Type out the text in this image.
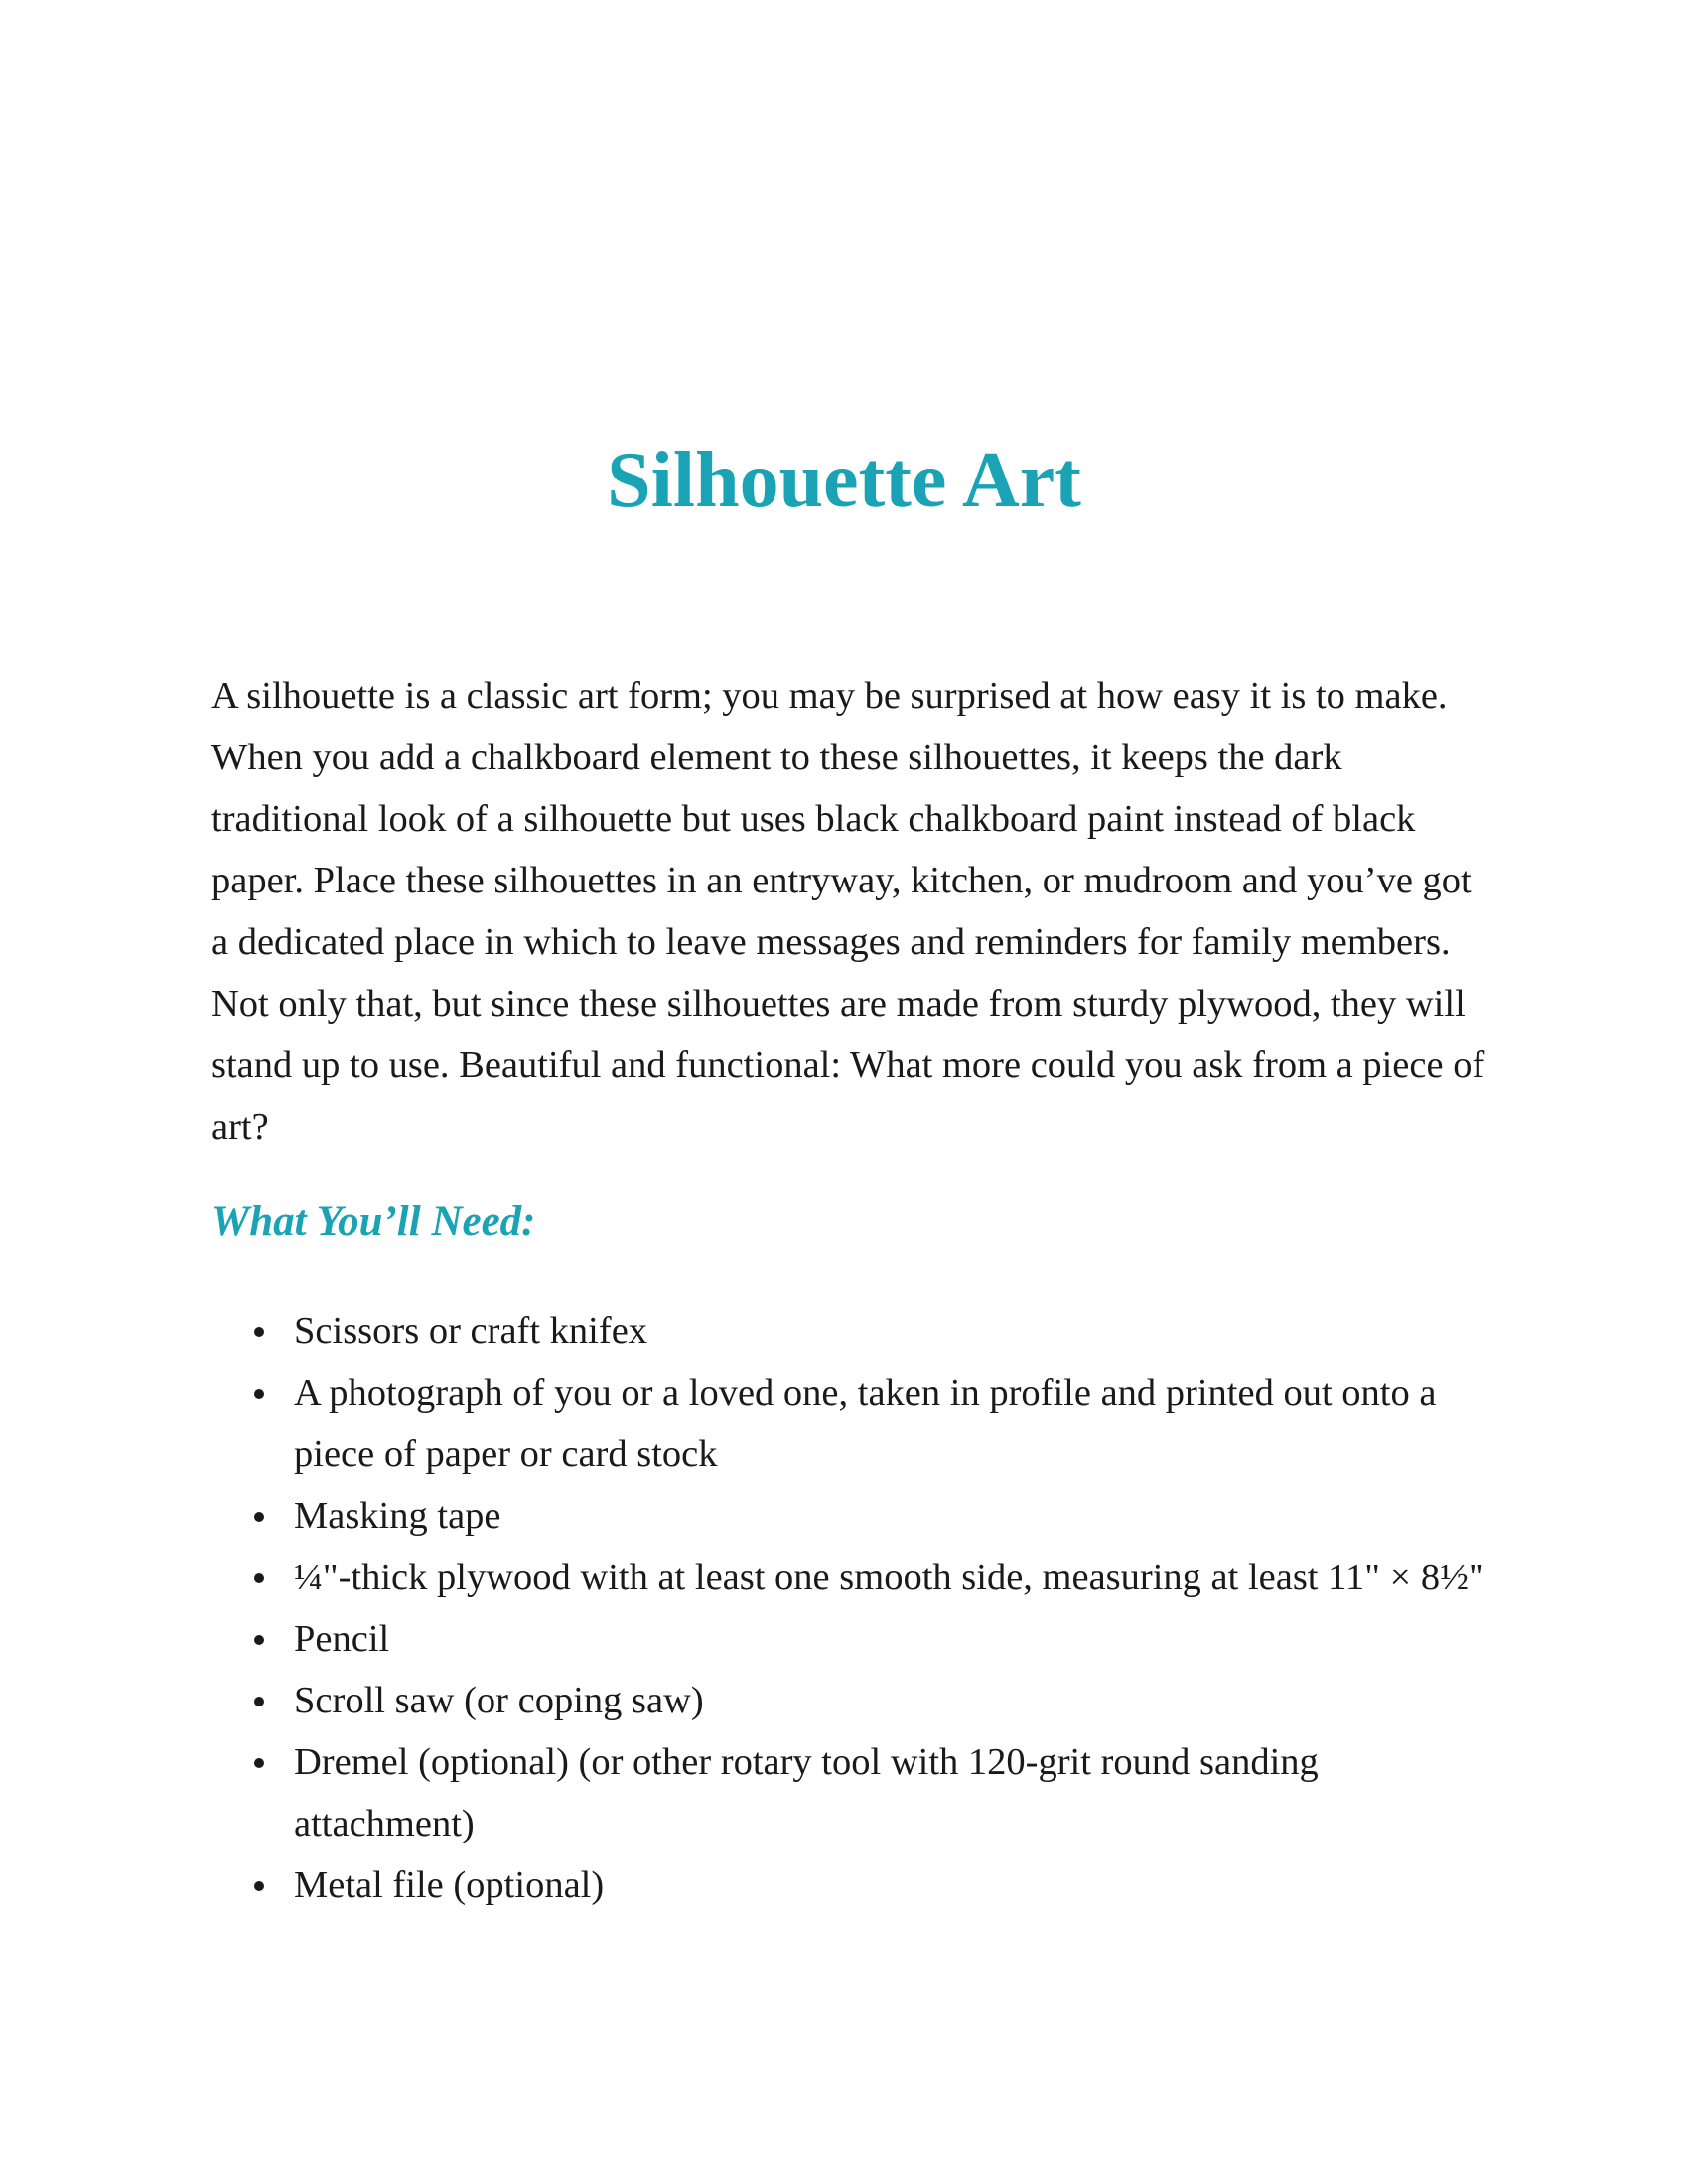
Silhouette Art

A silhouette is a classic art form; you may be surprised at how easy it is to make. When you add a chalkboard element to these silhouettes, it keeps the dark traditional look of a silhouette but uses black chalkboard paint instead of black paper. Place these silhouettes in an entryway, kitchen, or mudroom and you’ve got a dedicated place in which to leave messages and reminders for family members. Not only that, but since these silhouettes are made from sturdy plywood, they will stand up to use. Beautiful and functional: What more could you ask from a piece of art?

What You’ll Need:
Scissors or craft knifex
A photograph of you or a loved one, taken in profile and printed out onto a piece of paper or card stock
Masking tape
¼"-thick plywood with at least one smooth side, measuring at least 11" × 8½"
Pencil
Scroll saw (or coping saw)
Dremel (optional) (or other rotary tool with 120-grit round sanding attachment)
Metal file (optional)
